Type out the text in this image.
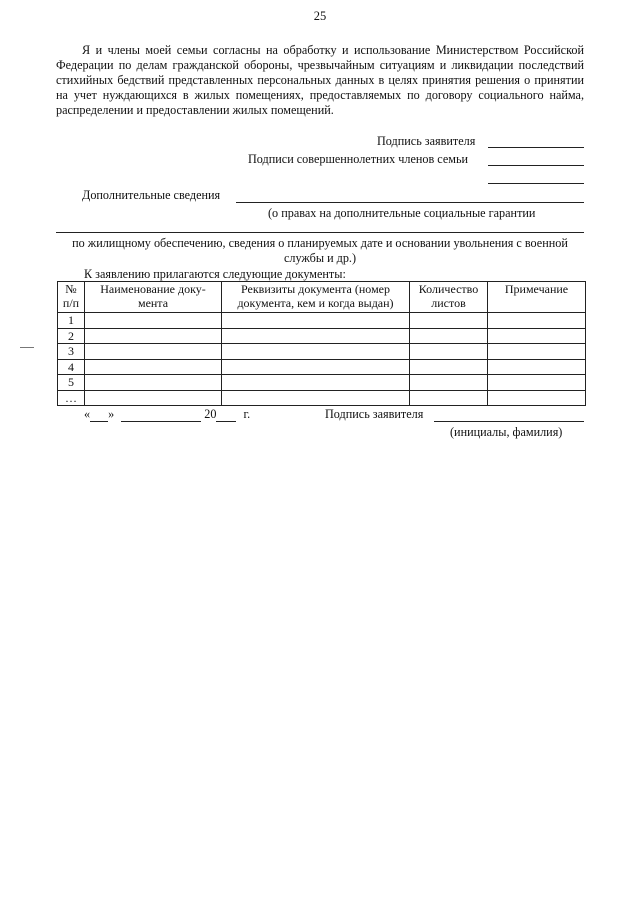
25
Я и члены моей семьи согласны на обработку и использование Министерством Российской Федерации по делам гражданской обороны, чрезвычайным ситуациям и ликвидации последствий стихийных бедствий представленных персональных данных в целях принятия решения о принятии на учет нуждающихся в жилых помещениях, предоставляемых по договору социального найма, распределении и предоставлении жилых помещений.
Подпись заявителя
Подписи совершеннолетних членов семьи
Дополнительные сведения
(о правах на дополнительные социальные гарантии
по жилищному обеспечению, сведения о планируемых дате и основании увольнения с военной службы и др.)
К заявлению прилагаются следующие документы:
№ п/п	Наименование доку-мента	Реквизиты документа (номер документа, кем и когда выдан)	Количество листов	Примечание
1				
2				
3				
4				
5				
…				
« »	20 г.	Подпись заявителя
(инициалы, фамилия)
